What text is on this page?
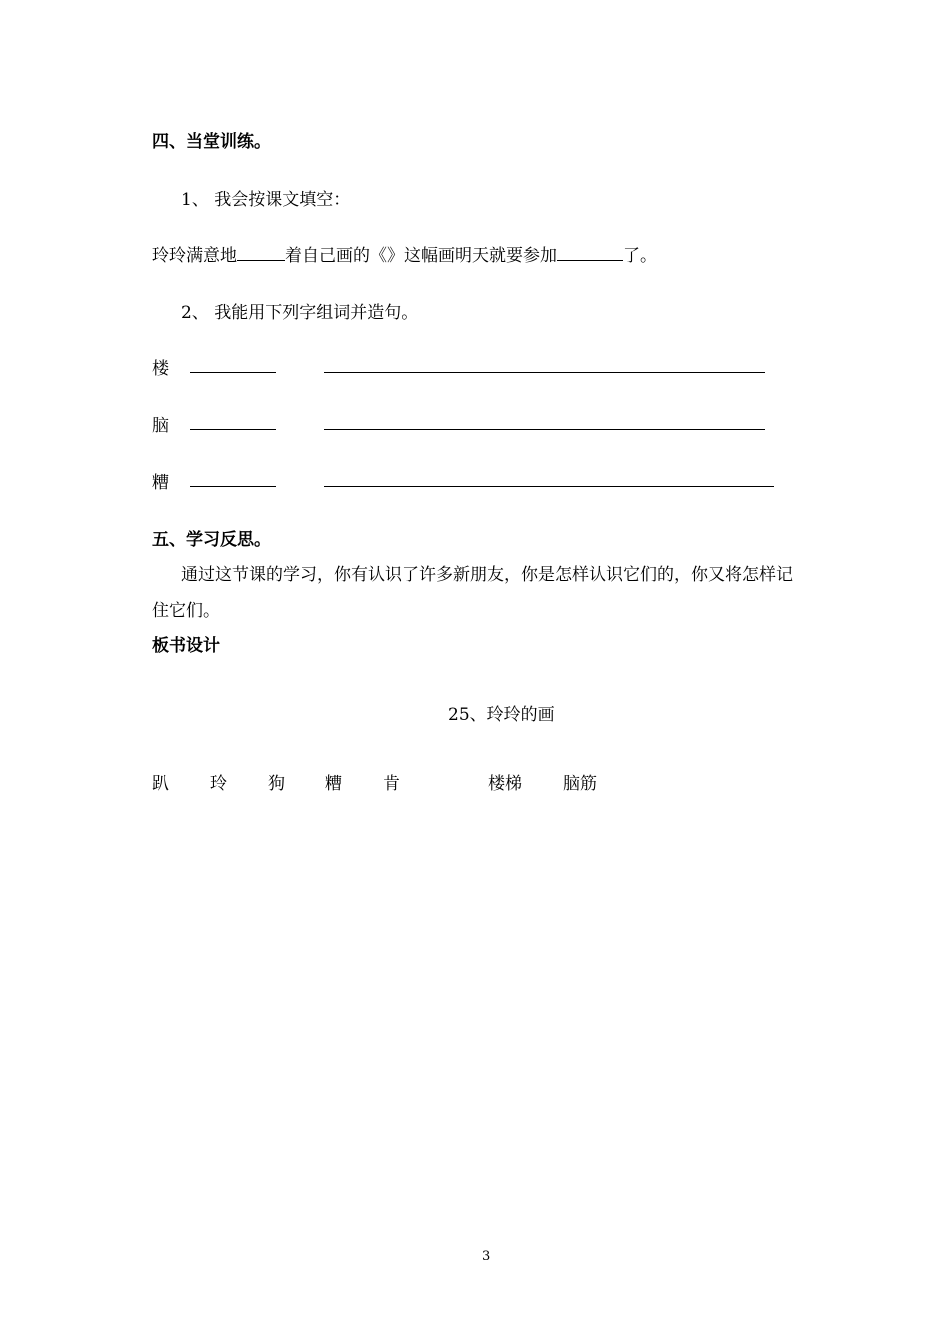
四、当堂训练。
1、 我会按课文填空：
玲玲满意地	着自己画的《》这幅画明天就要参加	了。
2、 我能用下列字组词并造句。
楼
脑
糟
五、学习反思。
通过这节课的学习，你有认识了许多新朋友，你是怎样认识它们的，你又将怎样记
住它们。
板书设计
25、玲玲的画
趴 玲 狗 糟 肯	楼梯 脑筋
3
